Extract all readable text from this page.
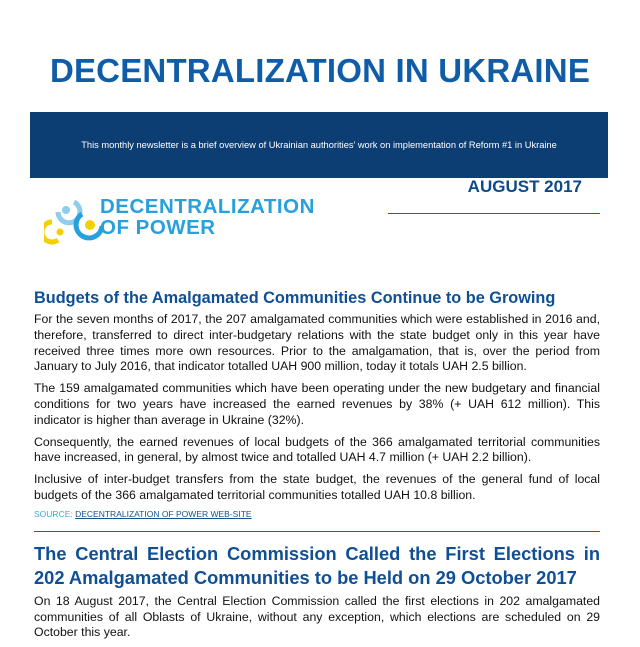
DECENTRALIZATION IN UKRAINE
This monthly newsletter is a brief overview of Ukrainian authorities’ work on implementation of Reform #1 in Ukraine
AUGUST 2017
DECENTRALIZATION
OF POWER
Budgets of the Amalgamated Communities Continue to be Growing

For the seven months of 2017, the 207 amalgamated communities which were established in 2016 and, therefore, transferred to direct inter-budgetary relations with the state budget only in this year have received three times more own resources. Prior to the amalgamation, that is, over the period from January to July 2016, that indicator totalled UAH 900 million, today it totals UAH 2.5 billion.

The 159 amalgamated communities which have been operating under the new budgetary and financial conditions for two years have increased the earned revenues by 38% (+ UAH 612 million). This indicator is higher than average in Ukraine (32%).

Consequently, the earned revenues of local budgets of the 366 amalgamated territorial communities have increased, in general, by almost twice and totalled UAH 4.7 million (+ UAH 2.2 billion).

Inclusive of inter-budget transfers from the state budget, the revenues of the general fund of local budgets of the 366 amalgamated territorial communities totalled UAH 10.8 billion.

SOURCE: DECENTRALIZATION OF POWER WEB-SITE
The Central Election Commission Called the First Elections in 202 Amalgamated Communities to be Held on 29 October 2017

On 18 August 2017, the Central Election Commission called the first elections in 202 amalgamated communities of all Oblasts of Ukraine, without any exception, which elections are scheduled on 29 October this year.
